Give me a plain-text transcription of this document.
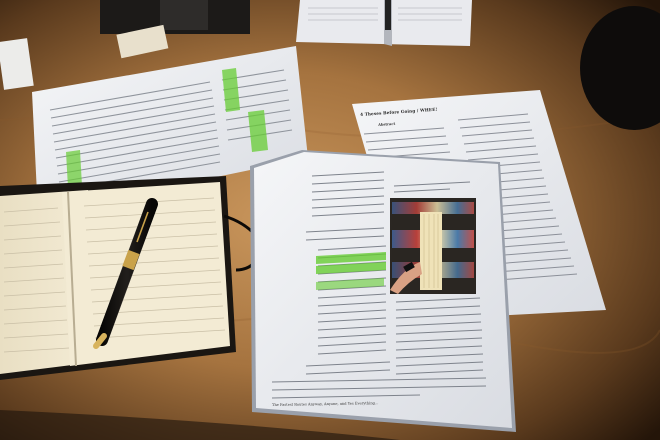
4 Theses Before Going / WHEE!
Abstract
The Fastest Routes Anyway, Anyone, and Yes Everything...
